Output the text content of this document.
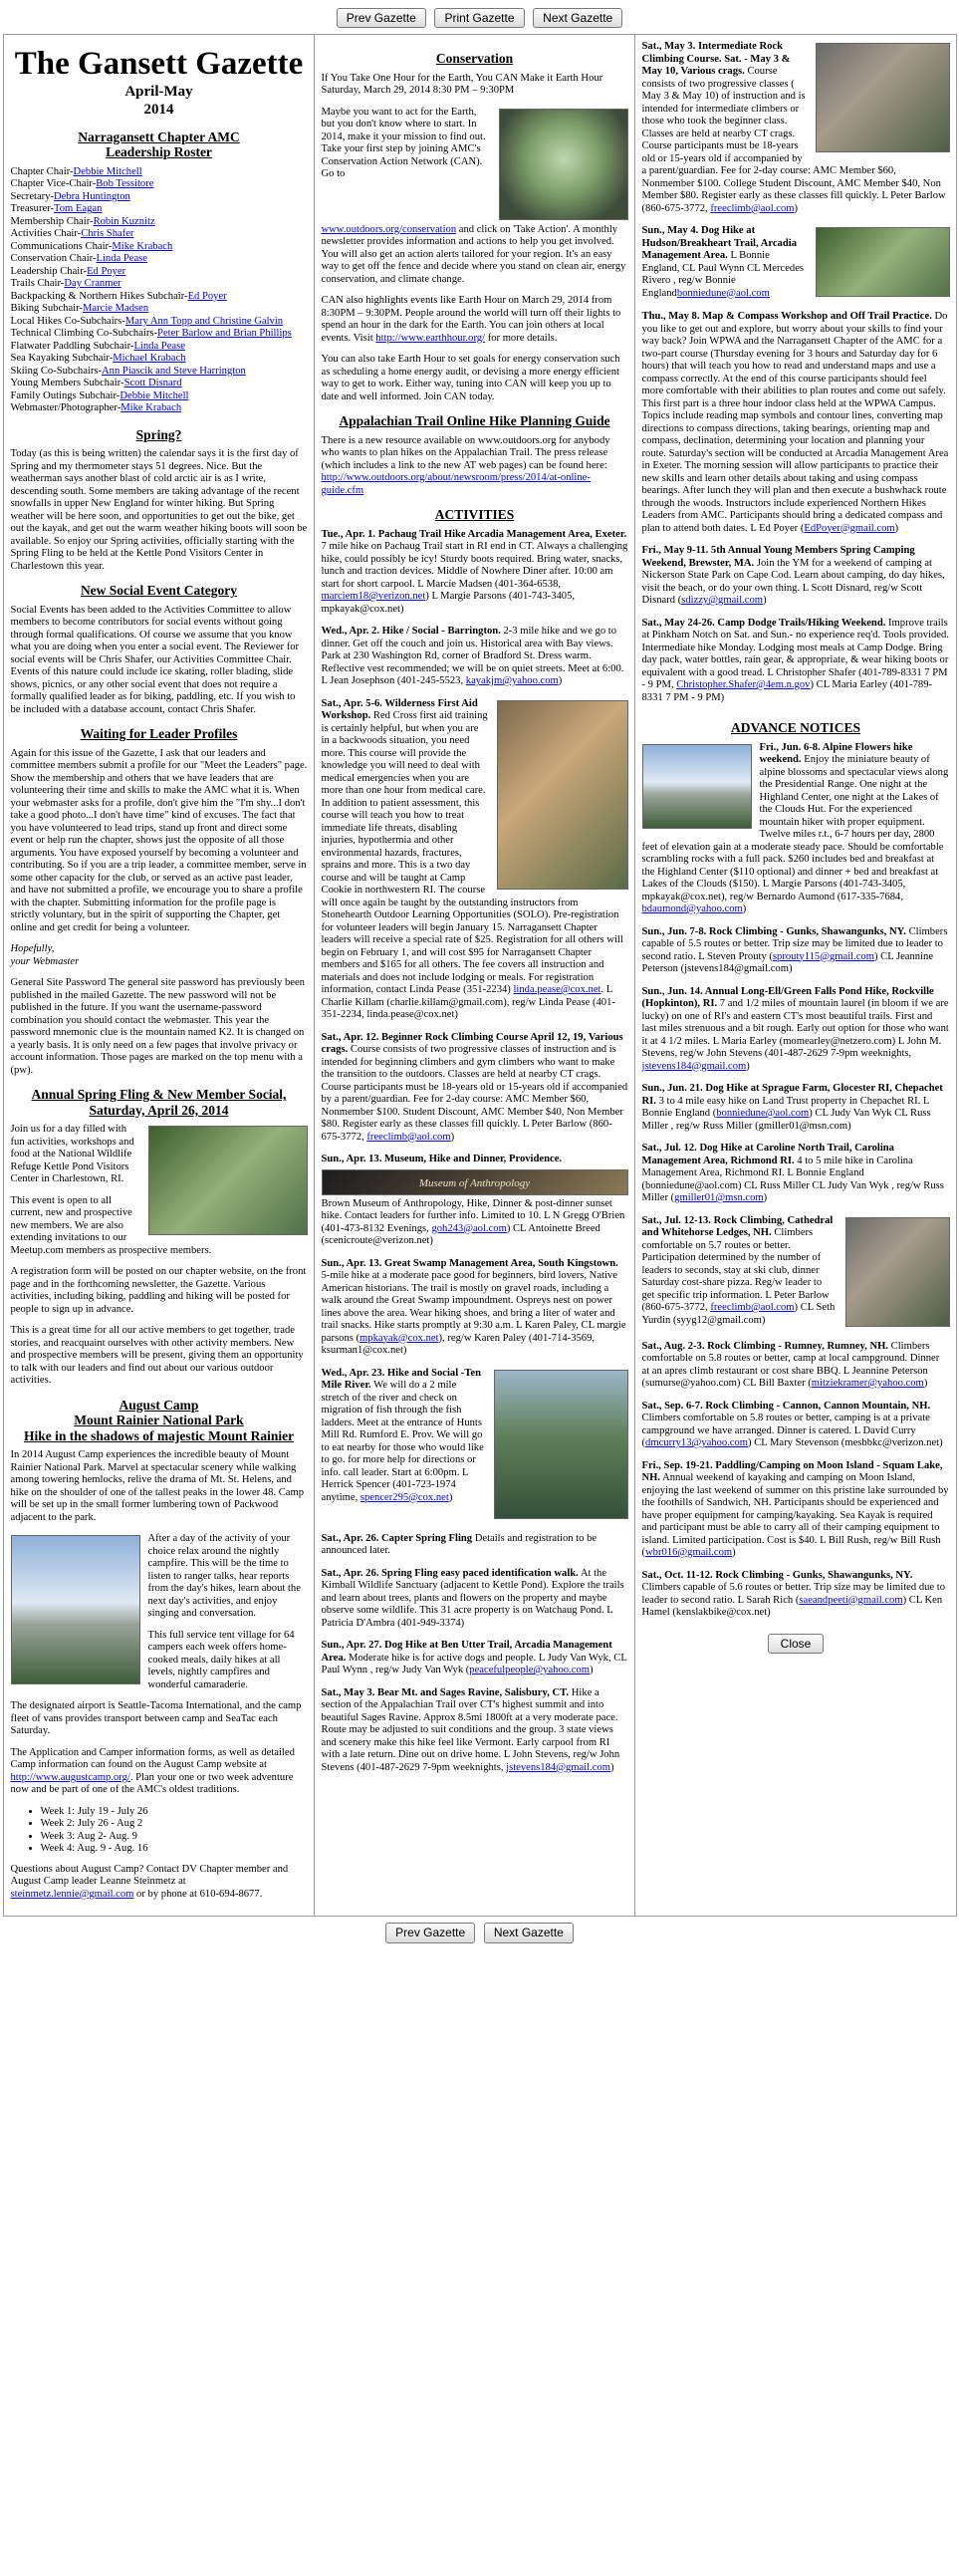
Prev Gazette Print Gazette Next Gazette
The Gansett Gazette
April-May
2014
Narragansett Chapter AMC
Leadership Roster
Chapter Chair-Debbie Mitchell
Chapter Vice-Chair-Bob Tessitore
Secretary-Debra Huntington
Treasurer-Tom Eagan
Membership Chair-Robin Kuznitz
Activities Chair-Chris Shafer
Communications Chair-Mike Krabach
Conservation Chair-Linda Pease
Leadership Chair-Ed Poyer
Trails Chair-Day Cranmer
Backpacking & Northern Hikes Subchair-Ed Poyer
Biking Subchair-Marcie Madsen
Local Hikes Co-Subchairs-Mary Ann Topp and Christine Galvin
Technical Climbing Co-Subchairs-Peter Barlow and Brian Phillips
Flatwater Paddling Subchair-Linda Pease
Sea Kayaking Subchair-Michael Krabach
Skiing Co-Subchairs-Ann Piascik and Steve Harrington
Young Members Subchair-Scott Disnard
Family Outings Subchair-Debbie Mitchell
Webmaster/Photographer-Mike Krabach
Spring?

Today (as this is being written) the calendar says it is the first day of Spring and my thermometer stays 51 degrees. Nice. But the weatherman says another blast of cold arctic air is as I write, descending south. Some members are taking advantage of the recent snowfalls in upper New England for winter hiking. But Spring weather will be here soon, and opportunities to get out the bike, get out the kayak, and get out the warm weather hiking boots will soon be available. So enjoy our Spring activities, officially starting with the Spring Fling to be held at the Kettle Pond Visitors Center in Charlestown this year.

New Social Event Category

Social Events has been added to the Activities Committee to allow members to become contributors for social events without going through formal qualifications. Of course we assume that you know what you are doing when you enter a social event. The Reviewer for social events will be Chris Shafer, our Activities Committee Chair. Events of this nature could include ice skating, roller blading, slide shows, picnics, or any other social event that does not require a formally qualified leader as for biking, paddling, etc. If you wish to be included with a database account, contact Chris Shafer.

Waiting for Leader Profiles

Again for this issue of the Gazette, I ask that our leaders and committee members submit a profile for our "Meet the Leaders" page. Show the membership and others that we have leaders that are volunteering their time and skills to make the AMC what it is. When your webmaster asks for a profile, don't give him the "I'm shy...I don't take a good photo...I don't have time" kind of excuses. The fact that you have volunteered to lead trips, stand up front and direct some event or help run the chapter, shows just the opposite of all those arguments. You have exposed yourself by becoming a volunteer and contributing. So if you are a trip leader, a committee member, serve in some other capacity for the club, or served as an active past leader, and have not submitted a profile, we encourage you to share a profile with the chapter. Submitting information for the profile page is strictly voluntary, but in the spirit of supporting the Chapter, get online and get credit for being a volunteer.

Hopefully,
your Webmaster

General Site Password The general site password has previously been published in the mailed Gazette. The new password will not be published in the future. If you want the username-password combination you should contact the webmaster. This year the password mnemonic clue is the mountain named K2. It is changed on a yearly basis. It is only need on a few pages that involve privacy or account information. Those pages are marked on the top menu with a (pw).

Annual Spring Fling & New Member Social, Saturday, April 26, 2014

Join us for a day filled with fun activities, workshops and food at the National Wildlife Refuge Kettle Pond Visitors Center in Charlestown, RI.

This event is open to all current, new and prospective new members. We are also extending invitations to our Meetup.com members as prospective members.

A registration form will be posted on our chapter website, on the front page and in the forthcoming newsletter, the Gazette. Various activities, including biking, paddling and hiking will be posted for people to sign up in advance.

This is a great time for all our active members to get together, trade stories, and reacquaint ourselves with other activity members. New and prospective members will be present, giving them an opportunity to talk with our leaders and find out about our various outdoor activities.

August Camp
Mount Rainier National Park
Hike in the shadows of majestic Mount Rainier

In 2014 August Camp experiences the incredible beauty of Mount Rainier National Park. Marvel at spectacular scenery while walking among towering hemlocks, relive the drama of Mt. St. Helens, and hike on the shoulder of one of the tallest peaks in the lower 48. Camp will be set up in the small former lumbering town of Packwood adjacent to the park.

After a day of the activity of your choice relax around the nightly campfire. This will be the time to listen to ranger talks, hear reports from the day's hikes, learn about the next day's activities, and enjoy singing and conversation.

This full service tent village for 64 campers each week offers home-cooked meals, daily hikes at all levels, nightly campfires and wonderful camaraderie.

The designated airport is Seattle-Tacoma International, and the camp fleet of vans provides transport between camp and SeaTac each Saturday.

The Application and Camper information forms, as well as detailed Camp information can found on the August Camp website at http://www.augustcamp.org/. Plan your one or two week adventure now and be part of one of the AMC's oldest traditions.

• Week 1: July 19 - July 26
• Week 2: July 26 - Aug 2
• Week 3: Aug 2- Aug. 9
• Week 4: Aug. 9 - Aug. 16

Questions about August Camp? Contact DV Chapter member and August Camp leader Leanne Steinmetz at steinmetz.lennie@gmail.com or by phone at 610-694-8677.

Conservation
If You Take One Hour for the Earth, You CAN Make it Earth Hour

Saturday, March 29, 2014 8:30 PM – 9:30PM

Maybe you want to act for the Earth, but you don't know where to start. In 2014, make it your mission to find out. Take your first step by joining AMC's Conservation Action Network (CAN). Go to

www.outdoors.org/conservation and click on 'Take Action'. A monthly newsletter provides information and actions to help you get involved. You will also get an action alerts tailored for your region. It's an easy way to get off the fence and decide where you stand on clean air, energy conservation, and climate change.

CAN also highlights events like Earth Hour on March 29, 2014 from 8:30PM – 9:30PM. People around the world will turn off their lights to spend an hour in the dark for the Earth. You can join others at local events. Visit http://www.earthhour.org/ for more details.

You can also take Earth Hour to set goals for energy conservation such as scheduling a home energy audit, or devising a more energy efficient way to get to work. Either way, tuning into CAN will keep you up to date and well informed. Join CAN today.

Appalachian Trail Online Hike Planning Guide

There is a new resource available on www.outdoors.org for anybody who wants to plan hikes on the Appalachian Trail. The press release (which includes a link to the new AT web pages) can be found here: http://www.outdoors.org/about/newsroom/press/2014/at-online-guide.cfm

ACTIVITIES
Tue., Apr. 1. Pachaug Trail Hike Arcadia Management Area, Exeter. 7 mile hike on Pachaug Trail start in RI end in CT. Always a challenging hike, could possibly be icy! Sturdy boots required. Bring water, snacks, lunch and traction devices. Middle of Nowhere Diner after. 10:00 am start for short carpool. L Marcie Madsen (401-364-6538, marciem18@verizon.net) L Margie Parsons (401-743-3405, mpkayak@cox.net)
Wed., Apr. 2. Hike / Social - Barrington. 2-3 mile hike and we go to dinner. Get off the couch and join us. Historical area with Bay views. Park at 230 Washington Rd, corner of Bradford St. Dress warm. Reflective vest recommended; we will be on quiet streets. Meet at 6:00. L Jean Josephson (401-245-5523, kayakjm@yahoo.com)
Sat., Apr. 5-6. Wilderness First Aid Workshop. Red Cross first aid training is certainly helpful, but when you are in a backwoods situation, you need more. This course will provide the knowledge you will need to deal with medical emergencies when you are more than one hour from medical care. In addition to patient assessment, this course will teach you how to treat immediate life threats, disabling injuries, hypothermia and other environmental hazards, fractures, sprains and more. This is a two day course and will be taught at Camp Cookie in northwestern RI. The course will once again be taught by the outstanding instructors from Stonehearth Outdoor Learning Opportunities (SOLO). Pre-registration for volunteer leaders will begin January 15. Narragansett Chapter leaders will receive a special rate of $25. Registration for all others will begin on February 1, and will cost $95 for Narragansett Chapter members and $165 for all others. The fee covers all instruction and materials and does not include lodging or meals. For registration information, contact Linda Pease (351-2234) linda.pease@cox.net. L Charlie Killam (charlie.killam@gmail.com), reg/w Linda Pease (401-351-2234, linda.pease@cox.net)
Sat., Apr. 12. Beginner Rock Climbing Course April 12, 19, Various crags. Course consists of two progressive classes of instruction and is intended for beginning climbers and gym climbers who want to make the transition to the outdoors. Classes are held at nearby CT crags. Course participants must be 18-years old or 15-years old if accompanied by a parent/guardian. Fee for 2-day course: AMC Member $60, Nonmember $100. Student Discount, AMC Member $40, Non Member $80. Register early as these classes fill quickly. L Peter Barlow (860-675-3772, freeclimb@aol.com)
Sun., Apr. 13. Museum, Hike and Dinner, Providence.
Museum of Anthropology
Brown Museum of Anthropology, Hike, Dinner & post-dinner sunset hike. Contact leaders for further info. Limited to 10. L N Gregg O'Brien (401-473-8132 Evenings, goh243@aol.com) CL Antoinette Breed (scenicroute@verizon.net)
Sun., Apr. 13. Great Swamp Management Area, South Kingstown. 5-mile hike at a moderate pace good for beginners, bird lovers, Native American historians. The trail is mostly on gravel roads, including a walk around the Great Swamp impoundment. Ospreys nest on power lines above the area. Wear hiking shoes, and bring a liter of water and trail snacks. Hike starts promptly at 9:30 a.m. L Karen Paley, CL margie parsons (mpkayak@cox.net), reg/w Karen Paley (401-714-3569, ksurman1@cox.net)
Wed., Apr. 23. Hike and Social -Ten Mile River. We will do a 2 mile stretch of the river and check on migration of fish through the fish ladders. Meet at the entrance of Hunts Mill Rd. Rumford E. Prov. We will go to eat nearby for those who would like to go. for more help for directions or info. call leader. Start at 6:00pm. L Herrick Spencer (401-723-1974 anytime, spencer295@cox.net)
Sat., Apr. 26. Capter Spring Fling Details and registration to be announced later.
Sat., Apr. 26. Spring Fling easy paced identification walk. At the Kimball Wildlife Sanctuary (adjacent to Kettle Pond). Explore the trails and learn about trees, plants and flowers on the property and maybe observe some wildlife. This 31 acre property is on Watchaug Pond. L Patricia D'Ambra (401-949-3374)
Sun., Apr. 27. Dog Hike at Ben Utter Trail, Arcadia Management Area. Moderate hike is for active dogs and people. L Judy Van Wyk, CL Paul Wynn , reg/w Judy Van Wyk (peacefulpeople@yahoo.com)
Sat., May 3. Bear Mt. and Sages Ravine, Salisbury, CT. Hike a section of the Appalachian Trail over CT's highest summit and into beautiful Sages Ravine. Approx 8.5mi 1800ft at a very moderate pace. Route may be adjusted to suit conditions and the group. 3 state views and scenery make this hike feel like Vermont. Early carpool from RI with a late return. Dine out on drive home. L John Stevens, reg/w John Stevens (401-487-2629 7-9pm weeknights, jstevens184@gmail.com)

Sat., May 3. Intermediate Rock Climbing Course. Sat. - May 3 & May 10, Various crags. Course consists of two progressive classes ( May 3 & May 10) of instruction and is intended for intermediate climbers or those who took the beginner class. Classes are held at nearby CT crags. Course participants must be 18-years old or 15-years old if accompanied by a parent/guardian. Fee for 2-day course: AMC Member $60, Nonmember $100. College Student Discount, AMC Member $40, Non Member $80. Register early as these classes fill quickly. L Peter Barlow (860-675-3772, freeclimb@aol.com)
Sun., May 4. Dog Hike at Hudson/Breakheart Trail, Arcadia Management Area. L Bonnie England, CL Paul Wynn CL Mercedes Rivero , reg/w Bonnie Englandbonniedune@aol.com
Thu., May 8. Map & Compass Workshop and Off Trail Practice. Do you like to get out and explore, but worry about your skills to find your way back? Join WPWA and the Narragansett Chapter of the AMC for a two-part course (Thursday evening for 3 hours and Saturday day for 6 hours) that will teach you how to read and understand maps and use a compass correctly. At the end of this course participants should feel more comfortable with their abilities to plan routes and come out safely. This first part is a three hour indoor class held at the WPWA Campus. Topics include reading map symbols and contour lines, converting map directions to compass directions, taking bearings, orienting map and compass, declination, determining your location and planning your route. Saturday's section will be conducted at Arcadia Management Area in Exeter. The morning session will allow participants to practice their new skills and learn other details about taking and using compass bearings. After lunch they will plan and then execute a bushwhack route through the woods. Instructors include experienced Northern Hikes Leaders from AMC. Participants should bring a dedicated compass and plan to attend both dates. L Ed Poyer (EdPoyer@gmail.com)
Fri., May 9-11. 5th Annual Young Members Spring Camping Weekend, Brewster, MA. Join the YM for a weekend of camping at Nickerson State Park on Cape Cod. Learn about camping, do day hikes, visit the beach, or do your own thing. L Scott Disnard, reg/w Scott Disnard (sdizzy@gmail.com)
Sat., May 24-26. Camp Dodge Trails/Hiking Weekend. Improve trails at Pinkham Notch on Sat. and Sun.- no experience req'd. Tools provided. Intermediate hike Monday. Lodging most meals at Camp Dodge. Bring day pack, water bottles, rain gear, & appropriate, & wear hiking boots or equivalent with a good tread. L Christopher Shafer (401-789-8331 7 PM - 9 PM, Christopher.Shafer@4em.n.gov) CL Maria Earley (401-789-8331 7 PM - 9 PM)
ADVANCE NOTICES
Fri., Jun. 6-8. Alpine Flowers hike weekend. Enjoy the miniature beauty of alpine blossoms and spectacular views along the Presidential Range. One night at the Highland Center, one night at the Lakes of the Clouds Hut. For the experienced mountain hiker with proper equipment. Twelve miles r.t., 6-7 hours per day, 2800 feet of elevation gain at a moderate steady pace. Should be comfortable scrambling rocks with a full pack. $260 includes bed and breakfast at the Highland Center ($110 optional) and dinner + bed and breakfast at Lakes of the Clouds ($150). L Margie Parsons (401-743-3405, mpkayak@cox.net), reg/w Bernardo Aumond (617-335-7684, bdaumond@yahoo.com)
Sun., Jun. 7-8. Rock Climbing - Gunks, Shawangunks, NY. Climbers capable of 5.5 routes or better. Trip size may be limited due to leader to second ratio. L Steven Prouty (sprouty115@gmail.com) CL Jeannine Peterson (jstevens184@gmail.com)
Sun., Jun. 14. Annual Long-Ell/Green Falls Pond Hike, Rockville (Hopkinton), RI. 7 and 1/2 miles of mountain laurel (in bloom if we are lucky) on one of RI's and eastern CT's most beautiful trails. First and last miles strenuous and a bit rough. Early out option for those who want it at 4 1/2 miles. L Maria Earley (momearley@netzero.com) L John M. Stevens, reg/w John Stevens (401-487-2629 7-9pm weeknights, jstevens184@gmail.com)
Sun., Jun. 21. Dog Hike at Sprague Farm, Glocester RI, Chepachet RI. 3 to 4 mile easy hike on Land Trust property in Chepachet RI. L Bonnie England (bonniedune@aol.com) CL Judy Van Wyk CL Russ Miller , reg/w Russ Miller (gmiller01@msn.com)
Sat., Jul. 12. Dog Hike at Caroline North Trail, Carolina Management Area, Richmond RI. 4 to 5 mile hike in Carolina Management Area, Richmond RI. L Bonnie England (bonniedune@aol.com) CL Russ Miller CL Judy Van Wyk , reg/w Russ Miller (gmiller01@msn.com)
Sat., Jul. 12-13. Rock Climbing, Cathedral and Whitehorse Ledges, NH. Climbers comfortable on 5.7 routes or better. Participation determined by the number of leaders to seconds, stay at ski club, dinner Saturday cost-share pizza. Reg/w leader to get specific trip information. L Peter Barlow (860-675-3772, freeclimb@aol.com) CL Seth Yurdin (syyg12@gmail.com)
Sat., Aug. 2-3. Rock Climbing - Rumney, Rumney, NH. Climbers comfortable on 5.8 routes or better, camp at local campground. Dinner at an apres climb restaurant or cost share BBQ. L Jeannine Peterson (sumurse@yahoo.com) CL Bill Baxter (mitziekramer@yahoo.com)
Sat., Sep. 6-7. Rock Climbing - Cannon, Cannon Mountain, NH. Climbers comfortable on 5.8 routes or better, camping is at a private campground we have arranged. Dinner is catered. L David Curry (dmcurry13@yahoo.com) CL Mary Stevenson (mesbbkc@verizon.net)
Fri., Sep. 19-21. Paddling/Camping on Moon Island - Squam Lake, NH. Annual weekend of kayaking and camping on Moon Island, enjoying the last weekend of summer on this pristine lake surrounded by the foothills of Sandwich, NH. Participants should be experienced and have proper equipment for camping/kayaking. Sea Kayak is required and participant must be able to carry all of their camping equipment to island. Limited participation. Cost is $40. L Bill Rush, reg/w Bill Rush (wbr016@gmail.com)
Sat., Oct. 11-12. Rock Climbing - Gunks, Shawangunks, NY. Climbers capable of 5.6 routes or better. Trip size may be limited due to leader to second ratio. L Sarah Rich (saeandpeeti@gmail.com) CL Ken Hamel (kenslakbike@cox.net)
Close
Prev Gazette Next Gazette
